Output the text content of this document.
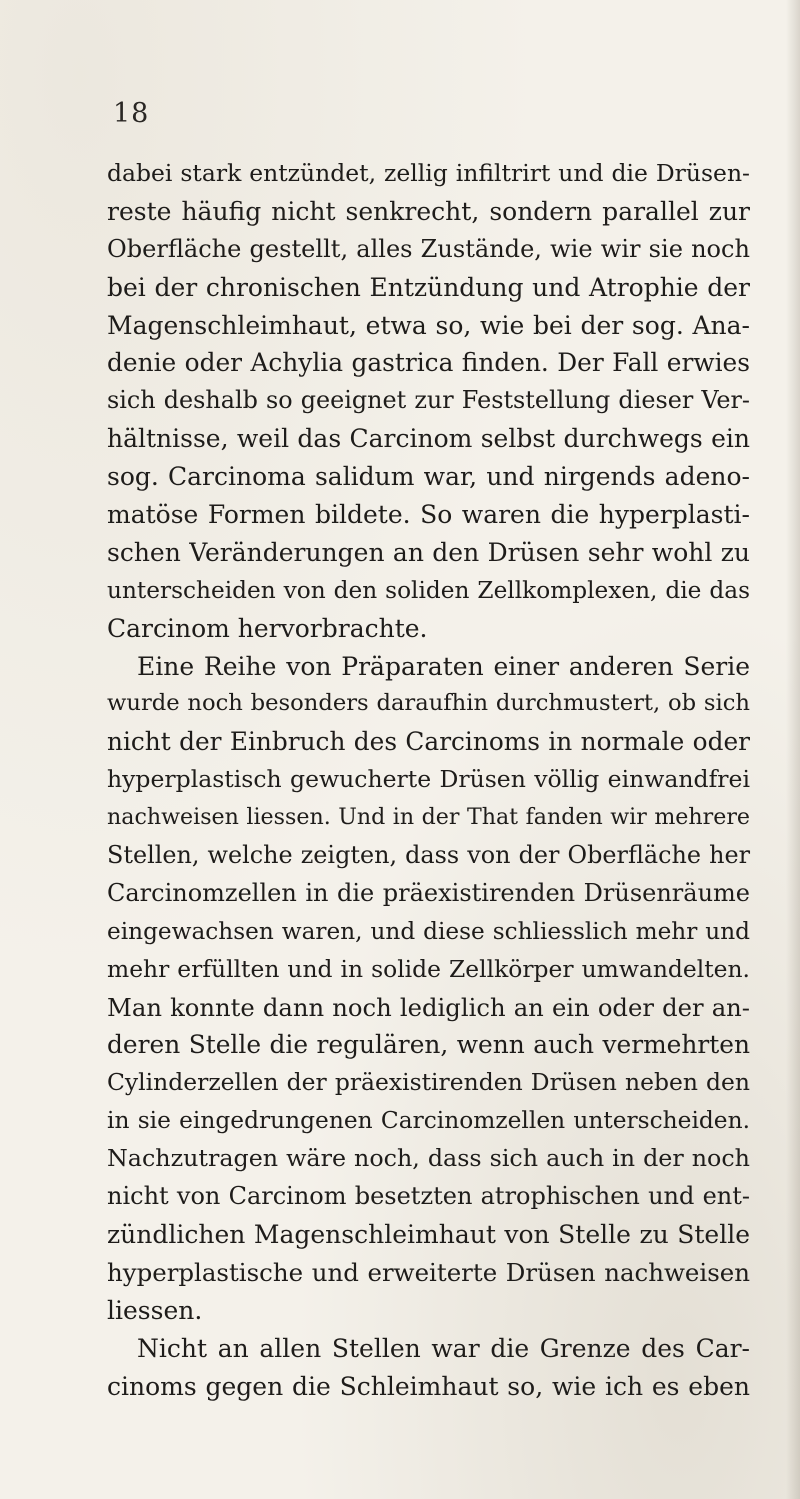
18
dabei stark entzündet, zellig infiltrirt und die Drüsen-
reste häufig nicht senkrecht, sondern parallel zur
Oberfläche gestellt, alles Zustände, wie wir sie noch
bei der chronischen Entzündung und Atrophie der
Magenschleimhaut, etwa so, wie bei der sog. Ana-
denie oder Achylia gastrica finden. Der Fall erwies
sich deshalb so geeignet zur Feststellung dieser Ver-
hältnisse, weil das Carcinom selbst durchwegs ein
sog. Carcinoma salidum war, und nirgends adeno-
matöse Formen bildete. So waren die hyperplasti-
schen Veränderungen an den Drüsen sehr wohl zu
unterscheiden von den soliden Zellkomplexen, die das
Carcinom hervorbrachte.
Eine Reihe von Präparaten einer anderen Serie
wurde noch besonders daraufhin durchmustert, ob sich
nicht der Einbruch des Carcinoms in normale oder
hyperplastisch gewucherte Drüsen völlig einwandfrei
nachweisen liessen. Und in der That fanden wir mehrere
Stellen, welche zeigten, dass von der Oberfläche her
Carcinomzellen in die präexistirenden Drüsenräume
eingewachsen waren, und diese schliesslich mehr und
mehr erfüllten und in solide Zellkörper umwandelten.
Man konnte dann noch lediglich an ein oder der an-
deren Stelle die regulären, wenn auch vermehrten
Cylinderzellen der präexistirenden Drüsen neben den
in sie eingedrungenen Carcinomzellen unterscheiden.
Nachzutragen wäre noch, dass sich auch in der noch
nicht von Carcinom besetzten atrophischen und ent-
zündlichen Magenschleimhaut von Stelle zu Stelle
hyperplastische und erweiterte Drüsen nachweisen
liessen.
Nicht an allen Stellen war die Grenze des Car-
cinoms gegen die Schleimhaut so, wie ich es eben
